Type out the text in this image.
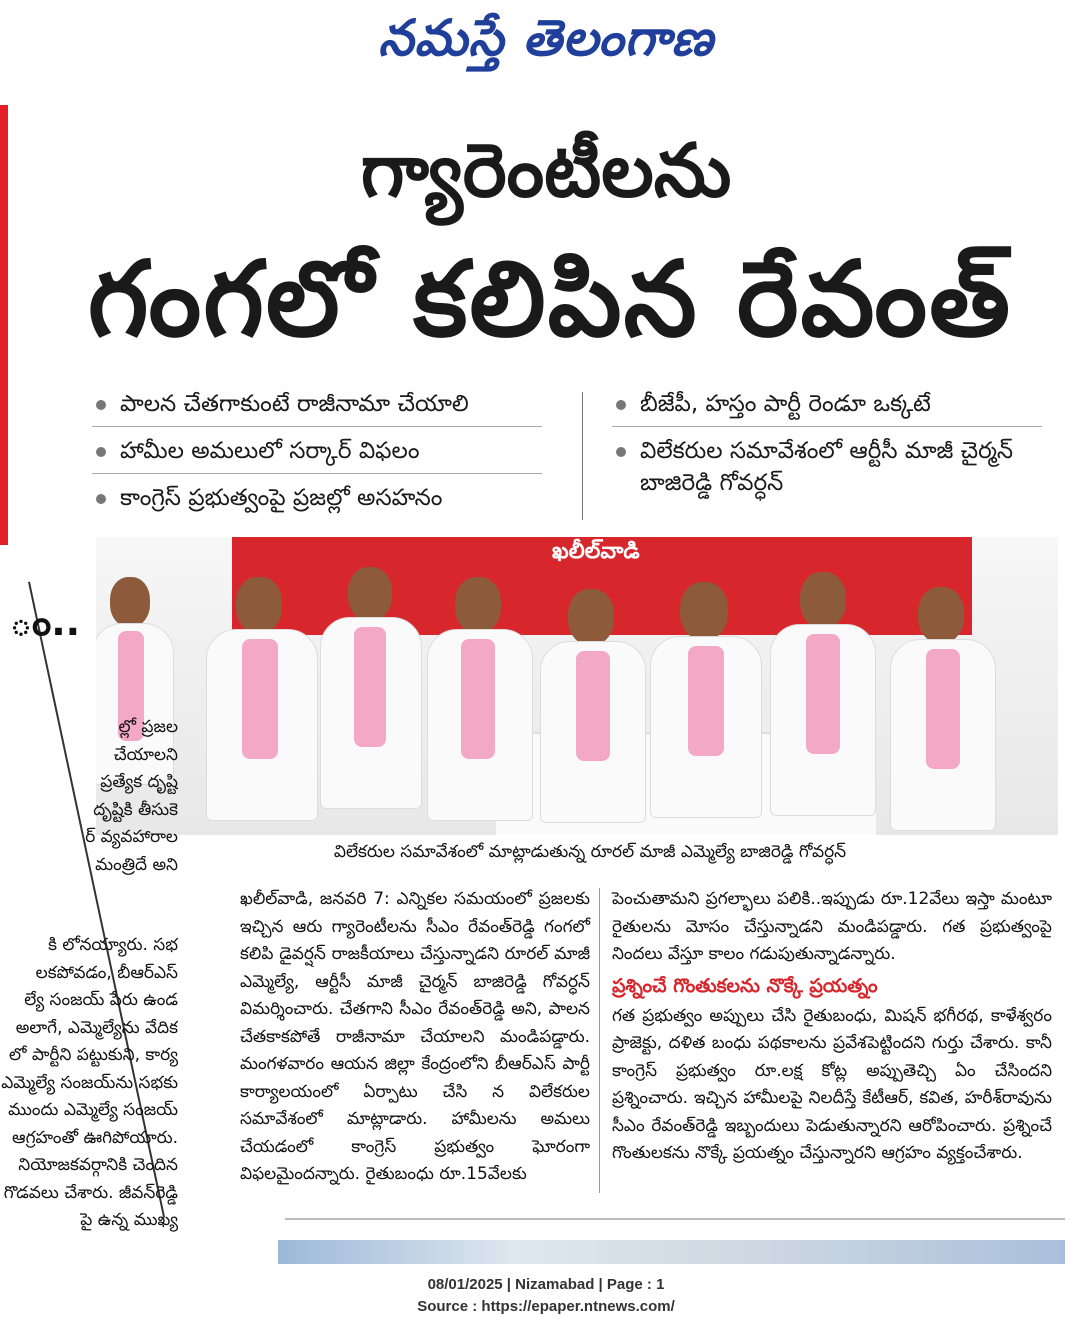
నమస్తే తెలంగాణ
గ్యారెంటీలను
గంగలో కలిపిన రేవంత్
పాలన చేతగాకుంటే రాజీనామా చేయాలి
హామీల అమలులో సర్కార్ విఫలం
కాంగ్రెస్ ప్రభుత్వంపై ప్రజల్లో అసహనం
బీజేపీ, హస్తం పార్టీ రెండూ ఒక్కటే
విలేకరుల సమావేశంలో ఆర్టీసీ మాజీ చైర్మన్ బాజిరెడ్డి గోవర్ధన్
ఖలీల్‌వాడి
విలేకరుల సమావేశంలో మాట్లాడుతున్న రూరల్ మాజీ ఎమ్మెల్యే బాజిరెడ్డి గోవర్ధన్
ం..
ల్లో ప్రజల
చేయాలని
ప్రత్యేక దృష్టి
దృష్టికి తీసుకె
ర్ వ్యవహారాల
మంత్రిదే అని
కి లోనయ్యారు. సభ
లకపోవడం, బీఆర్‌ఎస్
ల్యే సంజయ్ పేరు ఉండ
అలాగే, ఎమ్మెల్యేను వేదిక
లో పార్టీని పట్టుకుని, కార్య
ఎమ్మెల్యే సంజయ్‌ను సభకు
ముందు ఎమ్మెల్యే సంజయ్
ఆగ్రహంతో ఊగిపోయారు.
నియోజకవర్గానికి చెందిన
గొడవలు చేశారు. జీవన్‌రెడ్డి
పై ఉన్న ముఖ్య
ఖలీల్‌వాడి, జనవరి 7: ఎన్నికల సమయంలో ప్రజలకు ఇచ్చిన ఆరు గ్యారెంటీలను సీఎం రేవంత్‌రెడ్డి గంగలో కలిపి డైవర్షన్ రాజకీయాలు చేస్తున్నాడని రూరల్ మాజీ ఎమ్మెల్యే, ఆర్టీసీ మాజీ చైర్మన్ బాజిరెడ్డి గోవర్ధన్ విమర్శించారు. చేతగాని సీఎం రేవంత్‌రెడ్డి అని, పాలన చేతకాకపోతే రాజీనామా చేయాలని మండిపడ్డారు. మంగళవారం ఆయన జిల్లా కేంద్రంలోని బీఆర్‌ఎస్ పార్టీ కార్యాలయంలో ఏర్పాటు చేసి న విలేకరుల సమావేశంలో మాట్లాడారు. హామీలను అమలు చేయడంలో కాంగ్రెస్ ప్రభుత్వం ఘోరంగా విఫలమైందన్నారు. రైతుబంధు రూ.15వేలకు
పెంచుతామని ప్రగల్భాలు పలికి..ఇప్పుడు రూ.12వేలు ఇస్తా మంటూ రైతులను మోసం చేస్తున్నాడని మండిపడ్డారు. గత ప్రభుత్వంపై నిందలు వేస్తూ కాలం గడుపుతున్నాడన్నారు.
ప్రశ్నించే గొంతుకలను నొక్కే ప్రయత్నం
గత ప్రభుత్వం అప్పులు చేసి రైతుబంధు, మిషన్ భగీరథ, కాళేశ్వరం ప్రాజెక్టు, దళిత బంధు పథకాలను ప్రవేశపెట్టిందని గుర్తు చేశారు. కానీ కాంగ్రెస్ ప్రభుత్వం రూ.లక్ష కోట్ల అప్పుతెచ్చి ఏం చేసిందని ప్రశ్నించారు. ఇచ్చిన హామీలపై నిలదీస్తే కేటీఆర్, కవిత, హరీశ్‌రావును సీఎం రేవంత్‌రెడ్డి ఇబ్బందులు పెడుతున్నారని ఆరోపించారు. ప్రశ్నించే గొంతులకను నొక్కే ప్రయత్నం చేస్తున్నారని ఆగ్రహం వ్యక్తంచేశారు.
08/01/2025 | Nizamabad | Page : 1
Source : https://epaper.ntnews.com/
